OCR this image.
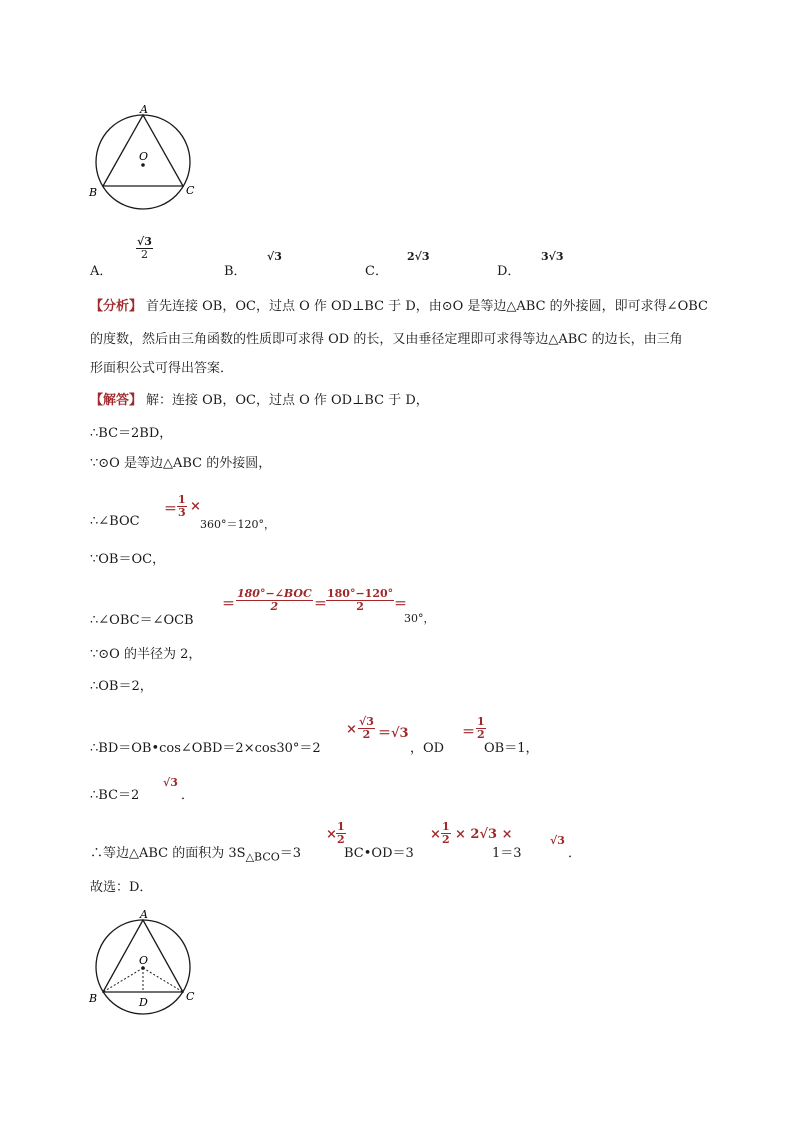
A
O
B	C
A．
$\frac{√3}{2}$
B．
√3
C．
2√3
D．
3√3
【分析】 首先连接 OB，OC，过点 O 作 OD⊥BC 于 D，由⊙O 是等边△ABC 的外接圆，即可求得∠OBC
的度数，然后由三角函数的性质即可求得 OD 的长，又由垂径定理即可求得等边△ABC 的边长，由三角
形面积公式可得出答案．
【解答】 解：连接 OB，OC，过点 O 作 OD⊥BC 于 D，
∴BC＝2BD，
∵⊙O 是等边△ABC 的外接圆，
∴∠BOC
＝ $\frac{1}{3}$ ×
360°＝120°，
∵OB＝OC，
∴∠OBC＝∠OCB
＝
180°−∠BOC
2	＝
$\frac{180^\circ-120^\circ}{2}$ ＝
30°，
∵⊙O 的半径为 2，
∴OB＝2，
∴BD＝OB•cos∠OBD＝2×cos30°＝2
× $\frac{√3}{2} =√3$
，OD
＝ $\frac{1}{2}$
OB＝1，
∴BC＝2
√3
．
∴等边△ABC 的面积为 $3S_{\triangle BCO}=3$
× $\frac{1}{2}$
BC•OD＝3
× $\frac{1}{2} \times 2√3$ ×
1＝3
√3
．
故选：D．
A
O
B	C
D
